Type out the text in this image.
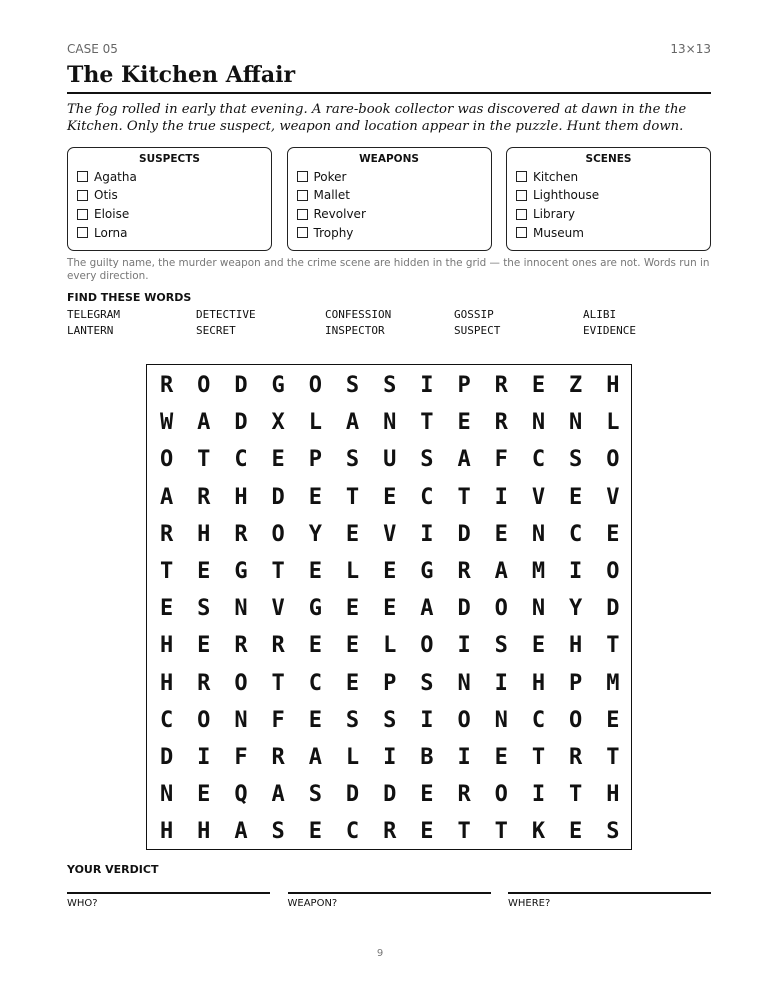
CASE 05	13×13
The Kitchen Affair
The fog rolled in early that evening. A rare-book collector was discovered at dawn in the the Kitchen. Only the true suspect, weapon and location appear in the puzzle. Hunt them down.
SUSPECTS
Agatha
Otis
Eloise
Lorna
WEAPONS
Poker
Mallet
Revolver
Trophy
SCENES
Kitchen
Lighthouse
Library
Museum
The guilty name, the murder weapon and the crime scene are hidden in the grid — the innocent ones are not. Words run in every direction.
FIND THESE WORDS
TELEGRAM	DETECTIVE	CONFESSION	GOSSIP	ALIBI
LANTERN	SECRET	INSPECTOR	SUSPECT	EVIDENCE
R	O	D	G	O	S	S	I	P	R	E	Z	H
W	A	D	X	L	A	N	T	E	R	N	N	L
O	T	C	E	P	S	U	S	A	F	C	S	O
A	R	H	D	E	T	E	C	T	I	V	E	V
R	H	R	O	Y	E	V	I	D	E	N	C	E
T	E	G	T	E	L	E	G	R	A	M	I	O
E	S	N	V	G	E	E	A	D	O	N	Y	D
H	E	R	R	E	E	L	O	I	S	E	H	T
H	R	O	T	C	E	P	S	N	I	H	P	M
C	O	N	F	E	S	S	I	O	N	C	O	E
D	I	F	R	A	L	I	B	I	E	T	R	T
N	E	Q	A	S	D	D	E	R	O	I	T	H
H	H	A	S	E	C	R	E	T	T	K	E	S
YOUR VERDICT
WHO?	WEAPON?	WHERE?
9
